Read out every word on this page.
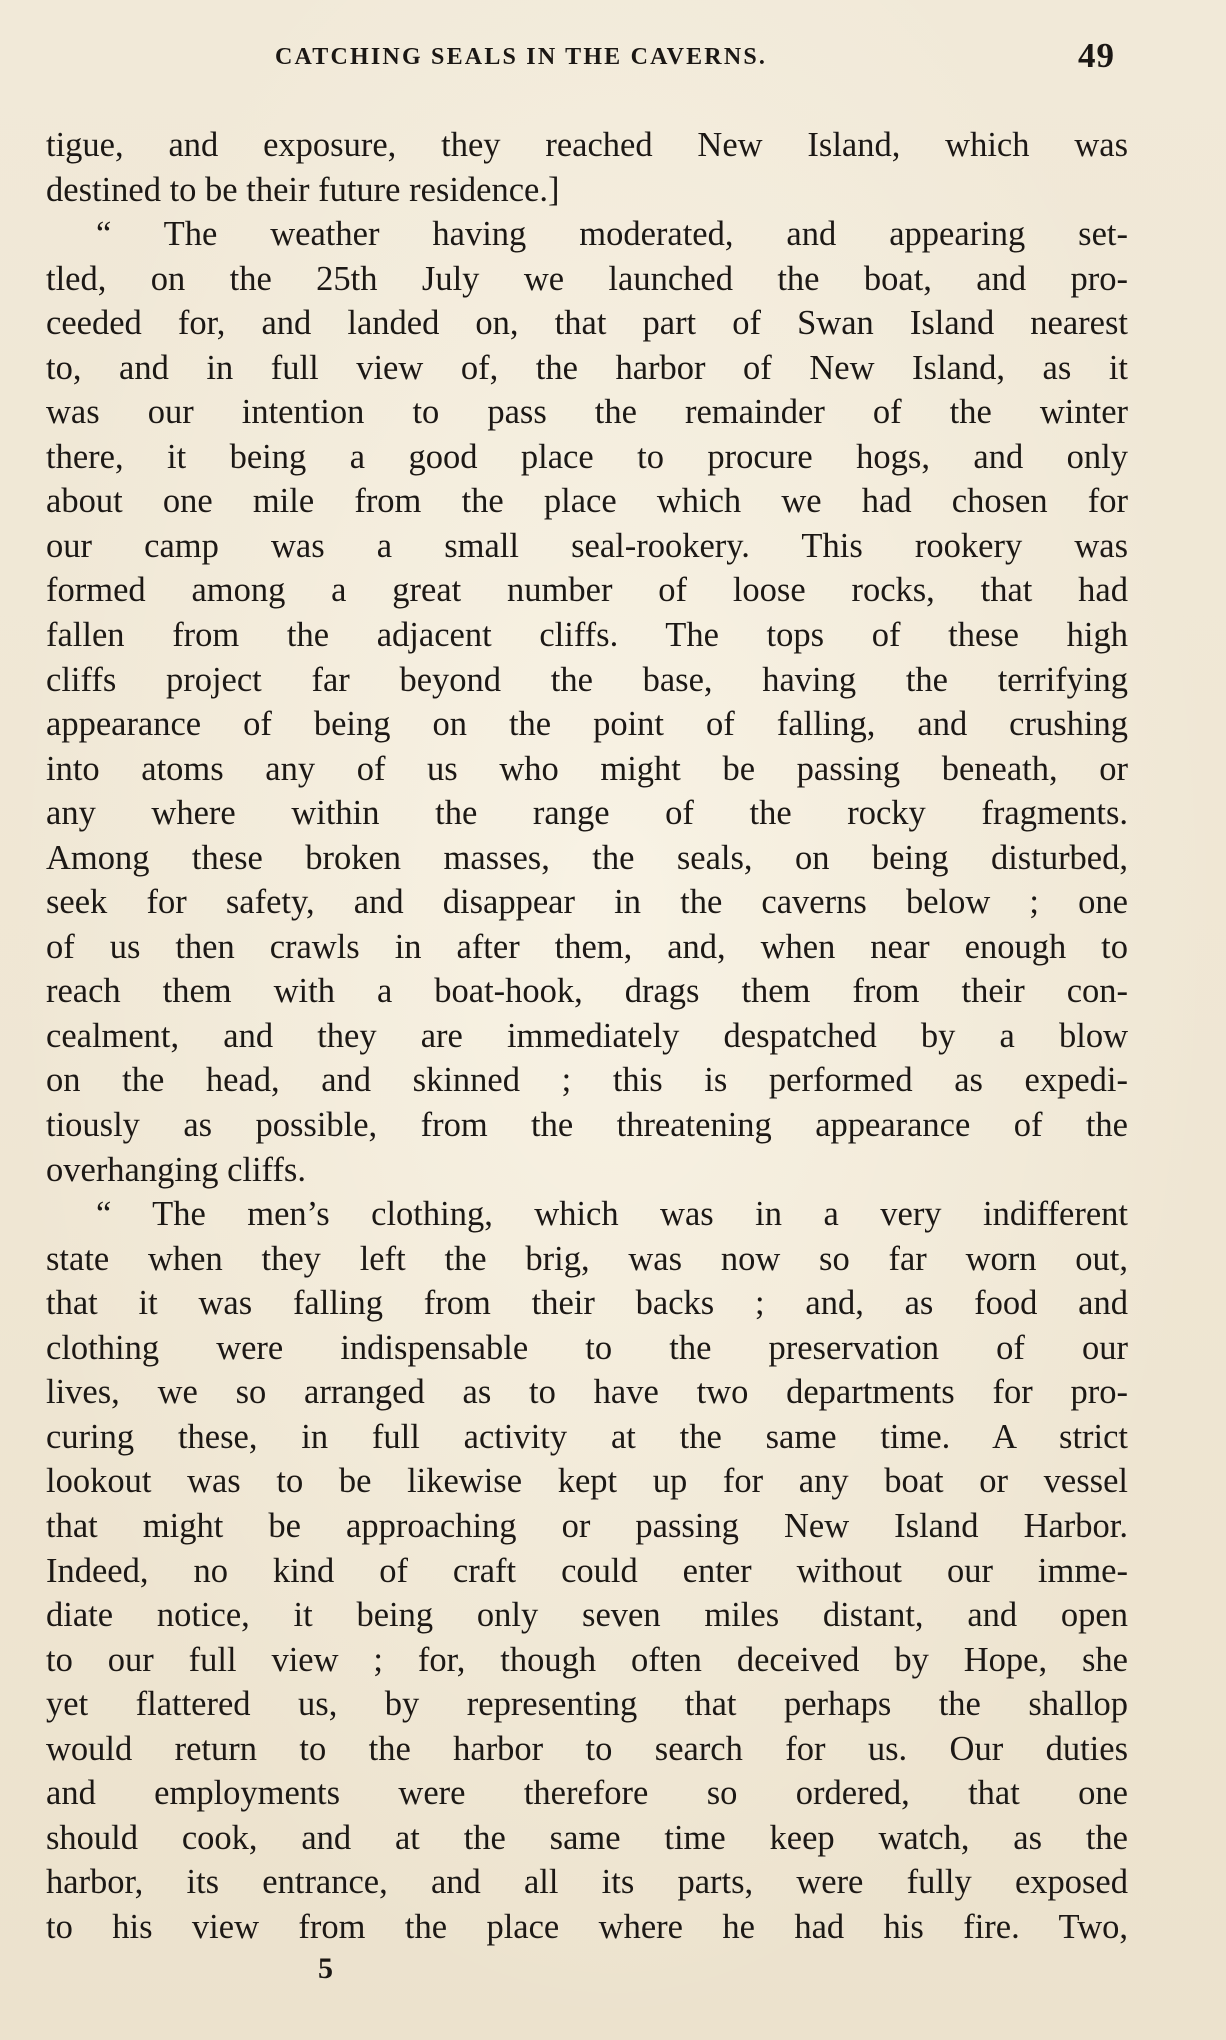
CATCHING SEALS IN THE CAVERNS.	49
tigue, and exposure, they reached New Island, which was
destined to be their future residence.]
“ The weather having moderated, and appearing set-
tled, on the 25th July we launched the boat, and pro-
ceeded for, and landed on, that part of Swan Island nearest
to, and in full view of, the harbor of New Island, as it
was our intention to pass the remainder of the winter
there, it being a good place to procure hogs, and only
about one mile from the place which we had chosen for
our camp was a small seal-rookery. This rookery was
formed among a great number of loose rocks, that had
fallen from the adjacent cliffs. The tops of these high
cliffs project far beyond the base, having the terrifying
appearance of being on the point of falling, and crushing
into atoms any of us who might be passing beneath, or
any where within the range of the rocky fragments.
Among these broken masses, the seals, on being disturbed,
seek for safety, and disappear in the caverns below ; one
of us then crawls in after them, and, when near enough to
reach them with a boat-hook, drags them from their con-
cealment, and they are immediately despatched by a blow
on the head, and skinned ; this is performed as expedi-
tiously as possible, from the threatening appearance of the
overhanging cliffs.
“ The men’s clothing, which was in a very indifferent
state when they left the brig, was now so far worn out,
that it was falling from their backs ; and, as food and
clothing were indispensable to the preservation of our
lives, we so arranged as to have two departments for pro-
curing these, in full activity at the same time. A strict
lookout was to be likewise kept up for any boat or vessel
that might be approaching or passing New Island Harbor.
Indeed, no kind of craft could enter without our imme-
diate notice, it being only seven miles distant, and open
to our full view ; for, though often deceived by Hope, she
yet flattered us, by representing that perhaps the shallop
would return to the harbor to search for us. Our duties
and employments were therefore so ordered, that one
should cook, and at the same time keep watch, as the
harbor, its entrance, and all its parts, were fully exposed
to his view from the place where he had his fire. Two,
5
